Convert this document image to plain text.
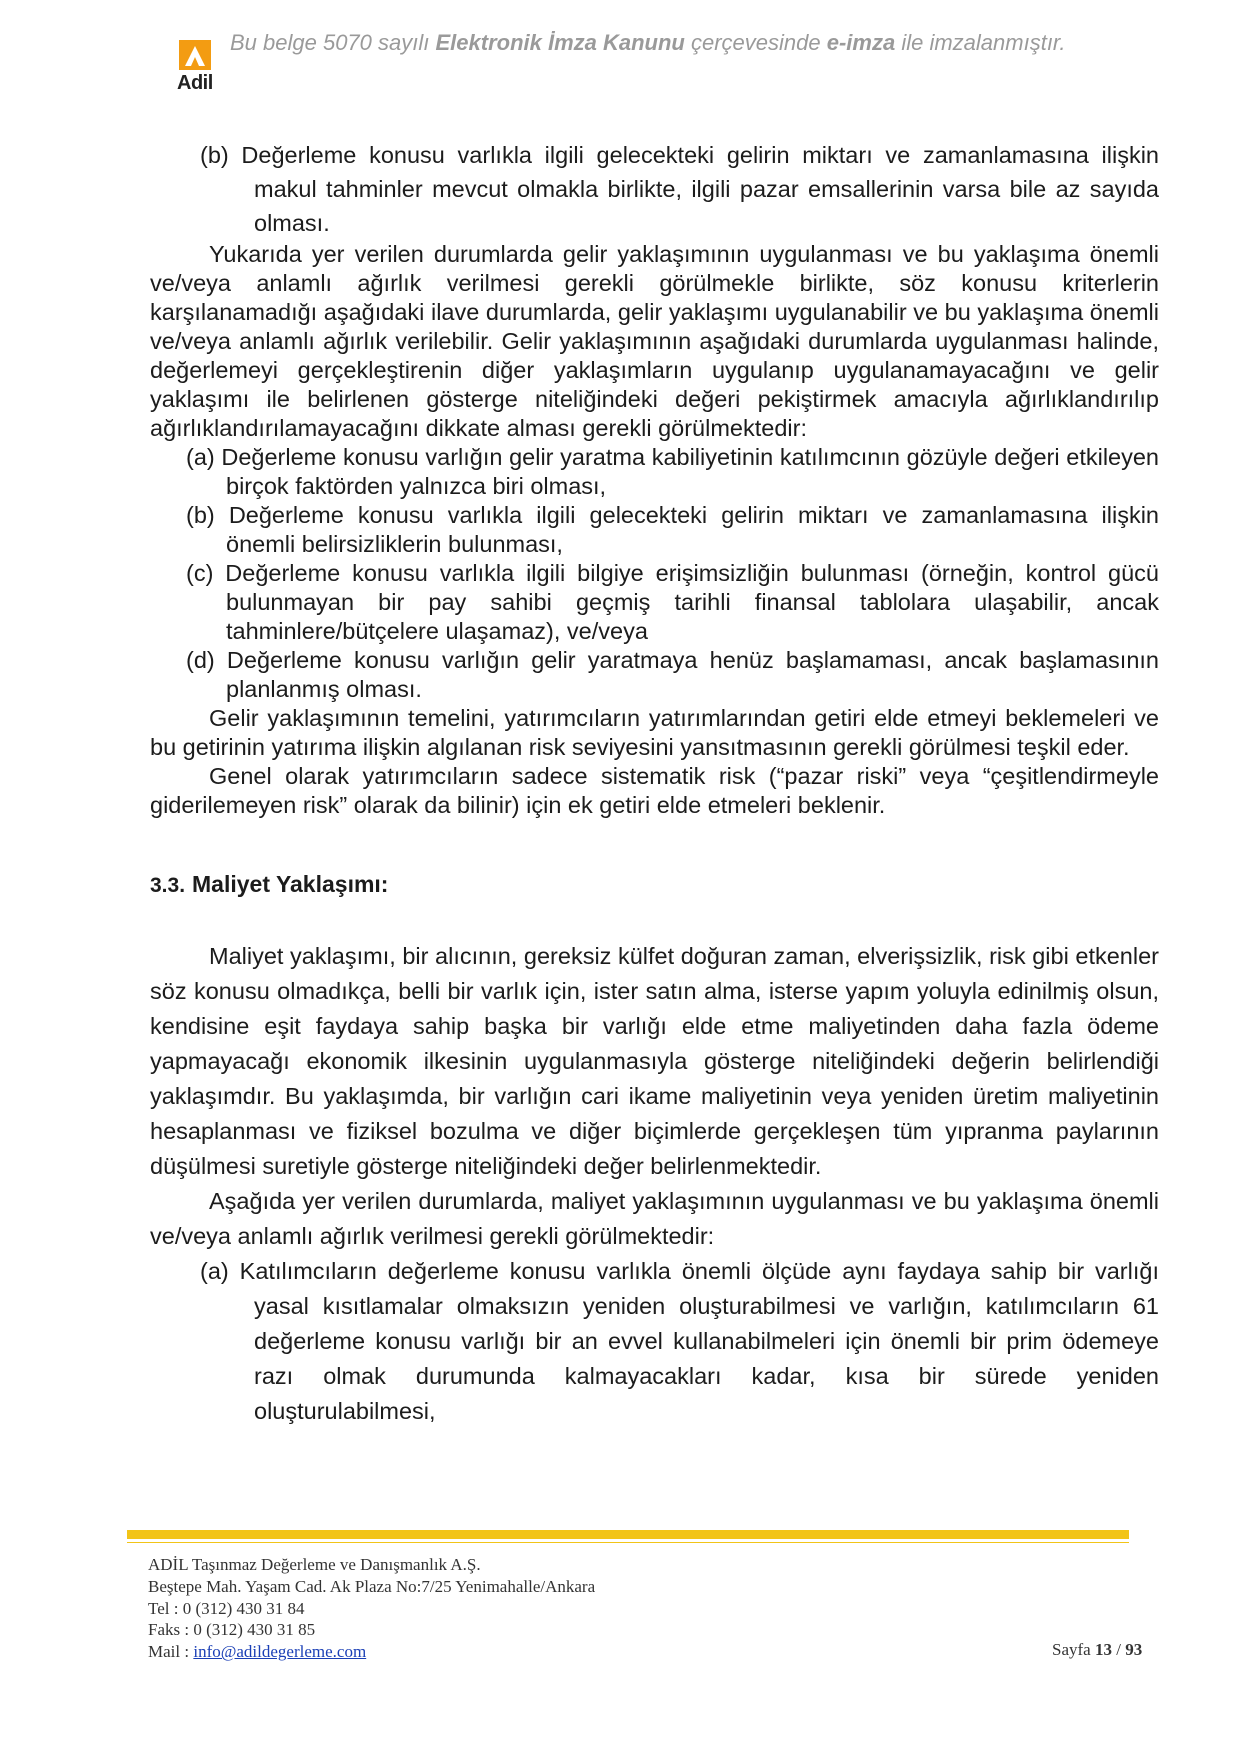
Adil
Bu belge 5070 sayılı Elektronik İmza Kanunu çerçevesinde e-imza ile imzalanmıştır.

(b) Değerleme konusu varlıkla ilgili gelecekteki gelirin miktarı ve zamanlamasına ilişkin makul tahminler mevcut olmakla birlikte, ilgili pazar emsallerinin varsa bile az sayıda olması.

Yukarıda yer verilen durumlarda gelir yaklaşımının uygulanması ve bu yaklaşıma önemli ve/veya anlamlı ağırlık verilmesi gerekli görülmekle birlikte, söz konusu kriterlerin karşılanamadığı aşağıdaki ilave durumlarda, gelir yaklaşımı uygulanabilir ve bu yaklaşıma önemli ve/veya anlamlı ağırlık verilebilir. Gelir yaklaşımının aşağıdaki durumlarda uygulanması halinde, değerlemeyi gerçekleştirenin diğer yaklaşımların uygulanıp uygulanamayacağını ve gelir yaklaşımı ile belirlenen gösterge niteliğindeki değeri pekiştirmek amacıyla ağırlıklandırılıp ağırlıklandırılamayacağını dikkate alması gerekli görülmektedir:

(a) Değerleme konusu varlığın gelir yaratma kabiliyetinin katılımcının gözüyle değeri etkileyen birçok faktörden yalnızca biri olması,

(b) Değerleme konusu varlıkla ilgili gelecekteki gelirin miktarı ve zamanlamasına ilişkin önemli belirsizliklerin bulunması,

(c) Değerleme konusu varlıkla ilgili bilgiye erişimsizliğin bulunması (örneğin, kontrol gücü bulunmayan bir pay sahibi geçmiş tarihli finansal tablolara ulaşabilir, ancak tahminlere/bütçelere ulaşamaz), ve/veya

(d) Değerleme konusu varlığın gelir yaratmaya henüz başlamaması, ancak başlamasının planlanmış olması.

Gelir yaklaşımının temelini, yatırımcıların yatırımlarından getiri elde etmeyi beklemeleri ve bu getirinin yatırıma ilişkin algılanan risk seviyesini yansıtmasının gerekli görülmesi teşkil eder.

Genel olarak yatırımcıların sadece sistematik risk (“pazar riski” veya “çeşitlendirmeyle giderilemeyen risk” olarak da bilinir) için ek getiri elde etmeleri beklenir.

3.3. Maliyet Yaklaşımı:

Maliyet yaklaşımı, bir alıcının, gereksiz külfet doğuran zaman, elverişsizlik, risk gibi etkenler söz konusu olmadıkça, belli bir varlık için, ister satın alma, isterse yapım yoluyla edinilmiş olsun, kendisine eşit faydaya sahip başka bir varlığı elde etme maliyetinden daha fazla ödeme yapmayacağı ekonomik ilkesinin uygulanmasıyla gösterge niteliğindeki değerin belirlendiği yaklaşımdır. Bu yaklaşımda, bir varlığın cari ikame maliyetinin veya yeniden üretim maliyetinin hesaplanması ve fiziksel bozulma ve diğer biçimlerde gerçekleşen tüm yıpranma paylarının düşülmesi suretiyle gösterge niteliğindeki değer belirlenmektedir.

Aşağıda yer verilen durumlarda, maliyet yaklaşımının uygulanması ve bu yaklaşıma önemli ve/veya anlamlı ağırlık verilmesi gerekli görülmektedir:

(a) Katılımcıların değerleme konusu varlıkla önemli ölçüde aynı faydaya sahip bir varlığı yasal kısıtlamalar olmaksızın yeniden oluşturabilmesi ve varlığın, katılımcıların 61 değerleme konusu varlığı bir an evvel kullanabilmeleri için önemli bir prim ödemeye razı olmak durumunda kalmayacakları kadar, kısa bir sürede yeniden oluşturulabilmesi,

ADİL Taşınmaz Değerleme ve Danışmanlık A.Ş.
Beştepe Mah. Yaşam Cad. Ak Plaza No:7/25 Yenimahalle/Ankara
Tel : 0 (312) 430 31 84
Faks : 0 (312) 430 31 85
Mail : info@adildegerleme.com	Sayfa 13 / 93
